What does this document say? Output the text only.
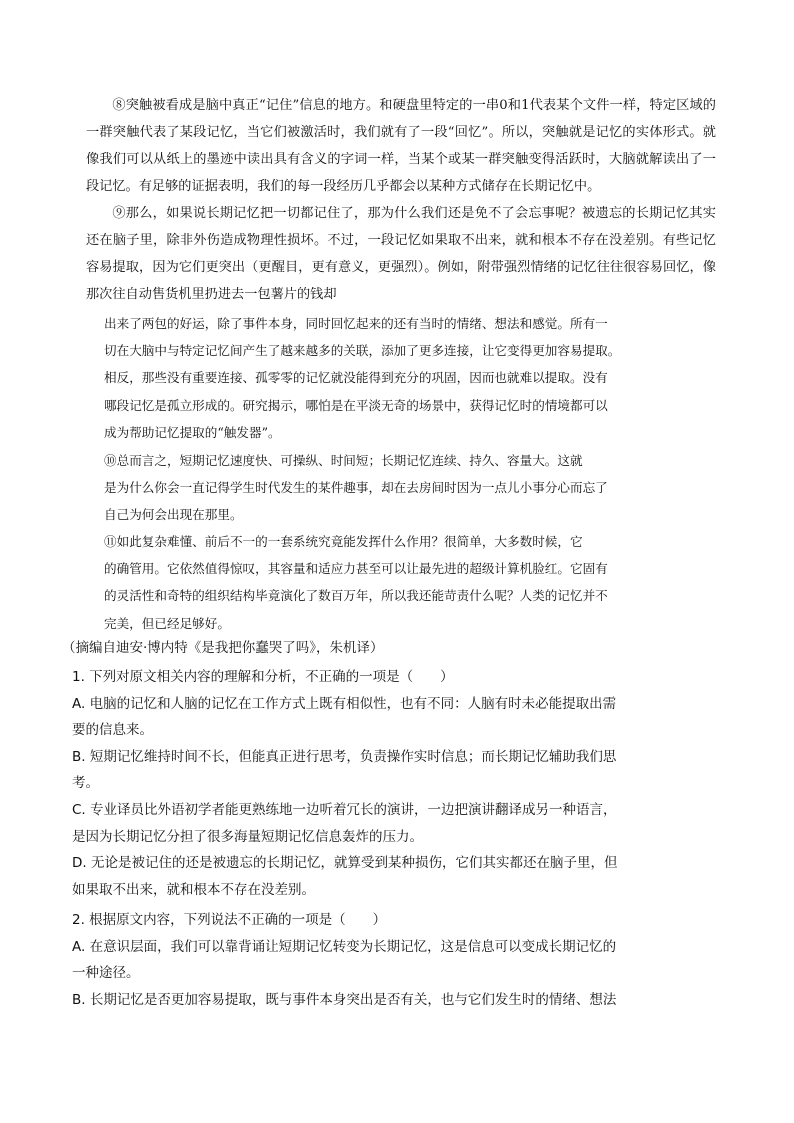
⑧突触被看成是脑中真正“记住”信息的地方。和硬盘里特定的一串0和1代表某个文件一样，特定区域的一群突触代表了某段记忆，当它们被激活时，我们就有了一段“回忆”。所以，突触就是记忆的实体形式。就像我们可以从纸上的墨迹中读出具有含义的字词一样，当某个或某一群突触变得活跃时，大脑就解读出了一段记忆。有足够的证据表明，我们的每一段经历几乎都会以某种方式储存在长期记忆中。

⑨那么，如果说长期记忆把一切都记住了，那为什么我们还是免不了会忘事呢？被遗忘的长期记忆其实还在脑子里，除非外伤造成物理性损坏。不过，一段记忆如果取不出来，就和根本不存在没差别。有些记忆容易提取，因为它们更突出（更醒目，更有意义，更强烈）。例如，附带强烈情绪的记忆往往很容易回忆，像那次往自动售货机里扔进去一包薯片的钱却

出来了两包的好运，除了事件本身，同时回忆起来的还有当时的情绪、想法和感觉。所有一
切在大脑中与特定记忆间产生了越来越多的关联，添加了更多连接，让它变得更加容易提取。
相反，那些没有重要连接、孤零零的记忆就没能得到充分的巩固，因而也就难以提取。没有
哪段记忆是孤立形成的。研究揭示，哪怕是在平淡无奇的场景中，获得记忆时的情境都可以
成为帮助记忆提取的“触发器”。
⑩总而言之，短期记忆速度快、可操纵、时间短；长期记忆连续、持久、容量大。这就
是为什么你会一直记得学生时代发生的某件趣事，却在去房间时因为一点儿小事分心而忘了
自己为何会出现在那里。
⑪如此复杂难懂、前后不一的一套系统究竟能发挥什么作用？很简单，大多数时候，它
的确管用。它依然值得惊叹，其容量和适应力甚至可以让最先进的超级计算机脸红。它固有
的灵活性和奇特的组织结构毕竟演化了数百万年，所以我还能苛责什么呢？人类的记忆并不
完美，但已经足够好。

（摘编自迪安·博内特《是我把你蠢哭了吗》，朱机译）

1. 下列对原文相关内容的理解和分析，不正确的一项是（　　）
A. 电脑的记忆和人脑的记忆在工作方式上既有相似性，也有不同：人脑有时未必能提取出需
要的信息来。
B. 短期记忆维持时间不长，但能真正进行思考，负责操作实时信息；而长期记忆辅助我们思
考。
C. 专业译员比外语初学者能更熟练地一边听着冗长的演讲，一边把演讲翻译成另一种语言，
是因为长期记忆分担了很多海量短期记忆信息轰炸的压力。
D. 无论是被记住的还是被遗忘的长期记忆，就算受到某种损伤，它们其实都还在脑子里，但
如果取不出来，就和根本不存在没差别。
2. 根据原文内容，下列说法不正确的一项是（　　）
A. 在意识层面，我们可以靠背诵让短期记忆转变为长期记忆，这是信息可以变成长期记忆的
一种途径。
B. 长期记忆是否更加容易提取，既与事件本身突出是否有关，也与它们发生时的情绪、想法
